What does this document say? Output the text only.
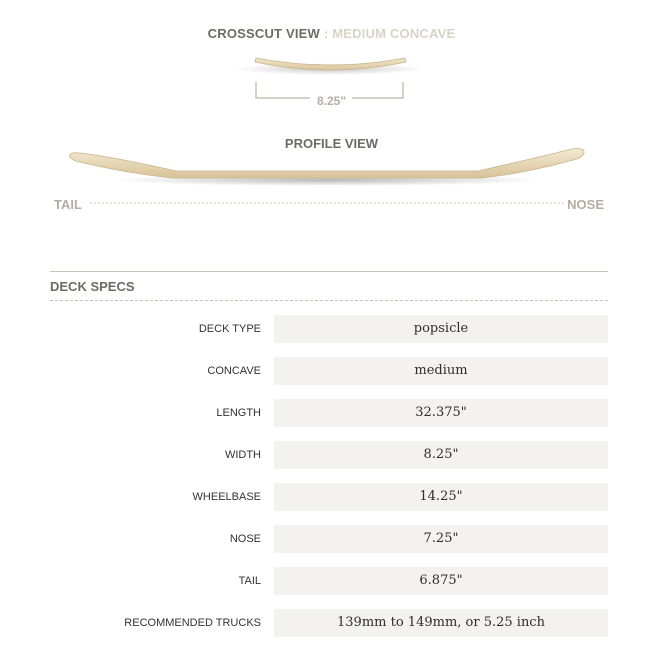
CROSSCUT VIEW : MEDIUM CONCAVE
8.25"
PROFILE VIEW
TAIL	NOSE
DECK SPECS
DECK TYPE	popsicle
CONCAVE	medium
LENGTH	32.375"
WIDTH	8.25"
WHEELBASE	14.25"
NOSE	7.25"
TAIL	6.875"
RECOMMENDED TRUCKS	139mm to 149mm, or 5.25 inch
